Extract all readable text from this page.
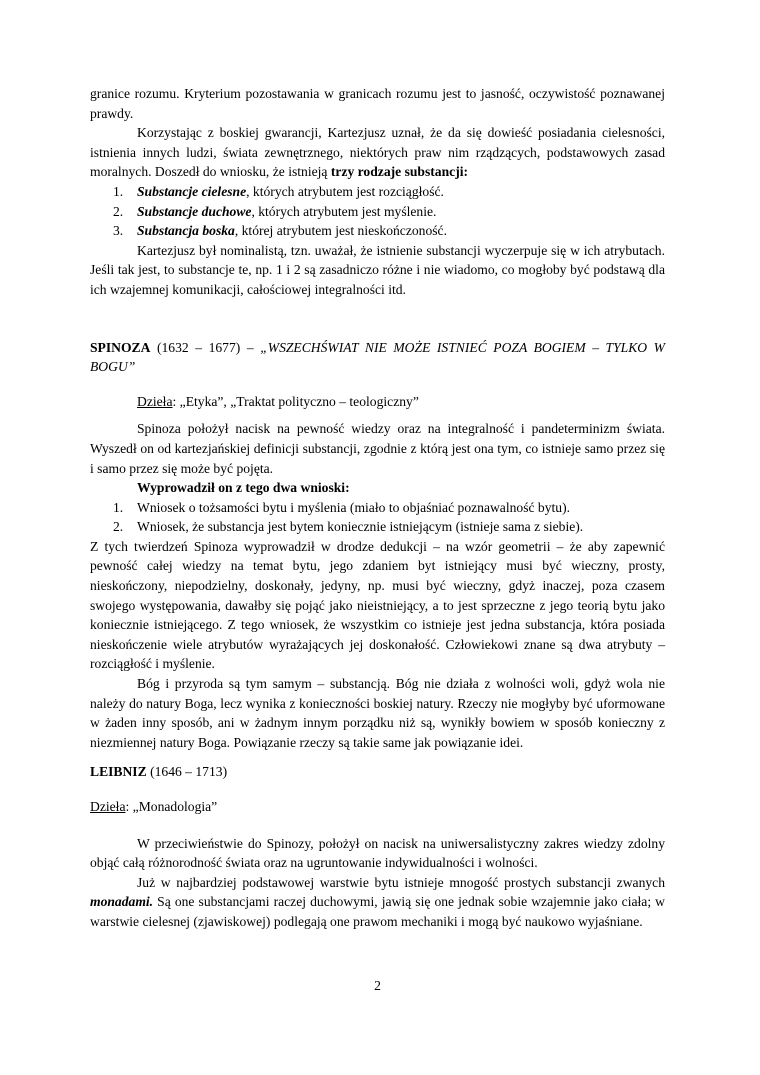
granice rozumu. Kryterium pozostawania w granicach rozumu jest to jasność, oczywistość poznawanej prawdy.

Korzystając z boskiej gwarancji, Kartezjusz uznał, że da się dowieść posiadania cielesności, istnienia innych ludzi, świata zewnętrznego, niektórych praw nim rządzących, podstawowych zasad moralnych. Doszedł do wniosku, że istnieją trzy rodzaje substancji:

1. Substancje cielesne, których atrybutem jest rozciągłość.
2. Substancje duchowe, których atrybutem jest myślenie.
3. Substancja boska, której atrybutem jest nieskończoność.

Kartezjusz był nominalistą, tzn. uważał, że istnienie substancji wyczerpuje się w ich atrybutach. Jeśli tak jest, to substancje te, np. 1 i 2 są zasadniczo różne i nie wiadomo, co mogłoby być podstawą dla ich wzajemnej komunikacji, całościowej integralności itd.

SPINOZA (1632 – 1677) – „WSZECHŚWIAT NIE MOŻE ISTNIEĆ POZA BOGIEM – TYLKO W BOGU”

Dzieła: „Etyka”, „Traktat polityczno – teologiczny”

Spinoza położył nacisk na pewność wiedzy oraz na integralność i pandeterminizm świata. Wyszedł on od kartezjańskiej definicji substancji, zgodnie z którą jest ona tym, co istnieje samo przez się i samo przez się może być pojęta.

Wyprowadził on z tego dwa wnioski:

1. Wniosek o tożsamości bytu i myślenia (miało to objaśniać poznawalność bytu).
2. Wniosek, że substancja jest bytem koniecznie istniejącym (istnieje sama z siebie).

Z tych twierdzeń Spinoza wyprowadził w drodze dedukcji – na wzór geometrii – że aby zapewnić pewność całej wiedzy na temat bytu, jego zdaniem byt istniejący musi być wieczny, prosty, nieskończony, niepodzielny, doskonały, jedyny, np. musi być wieczny, gdyż inaczej, poza czasem swojego występowania, dawałby się pojąć jako nieistniejący, a to jest sprzeczne z jego teorią bytu jako koniecznie istniejącego. Z tego wniosek, że wszystkim co istnieje jest jedna substancja, która posiada nieskończenie wiele atrybutów wyrażających jej doskonałość. Człowiekowi znane są dwa atrybuty – rozciągłość i myślenie.

Bóg i przyroda są tym samym – substancją. Bóg nie działa z wolności woli, gdyż wola nie należy do natury Boga, lecz wynika z konieczności boskiej natury. Rzeczy nie mogłyby być uformowane w żaden inny sposób, ani w żadnym innym porządku niż są, wynikły bowiem w sposób konieczny z niezmiennej natury Boga. Powiązanie rzeczy są takie same jak powiązanie idei.

LEIBNIZ (1646 – 1713)

Dzieła: „Monadologia”

W przeciwieństwie do Spinozy, położył on nacisk na uniwersalistyczny zakres wiedzy zdolny objąć całą różnorodność świata oraz na ugruntowanie indywidualności i wolności.

Już w najbardziej podstawowej warstwie bytu istnieje mnogość prostych substancji zwanych monadami. Są one substancjami raczej duchowymi, jawią się one jednak sobie wzajemnie jako ciała; w warstwie cielesnej (zjawiskowej) podlegają one prawom mechaniki i mogą być naukowo wyjaśniane.

2
